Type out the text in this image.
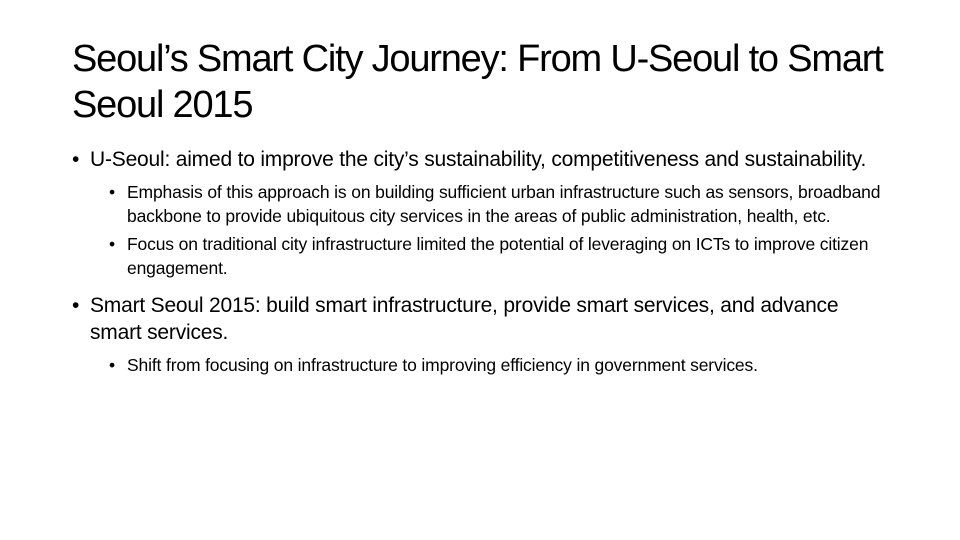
Seoul’s Smart City Journey: From U-Seoul to Smart Seoul 2015
• U-Seoul: aimed to improve the city’s sustainability, competitiveness and sustainability.
• Emphasis of this approach is on building sufficient urban infrastructure such as sensors, broadband backbone to provide ubiquitous city services in the areas of public administration, health, etc.
• Focus on traditional city infrastructure limited the potential of leveraging on ICTs to improve citizen engagement.
• Smart Seoul 2015: build smart infrastructure, provide smart services, and advance smart services.
• Shift from focusing on infrastructure to improving efficiency in government services.
